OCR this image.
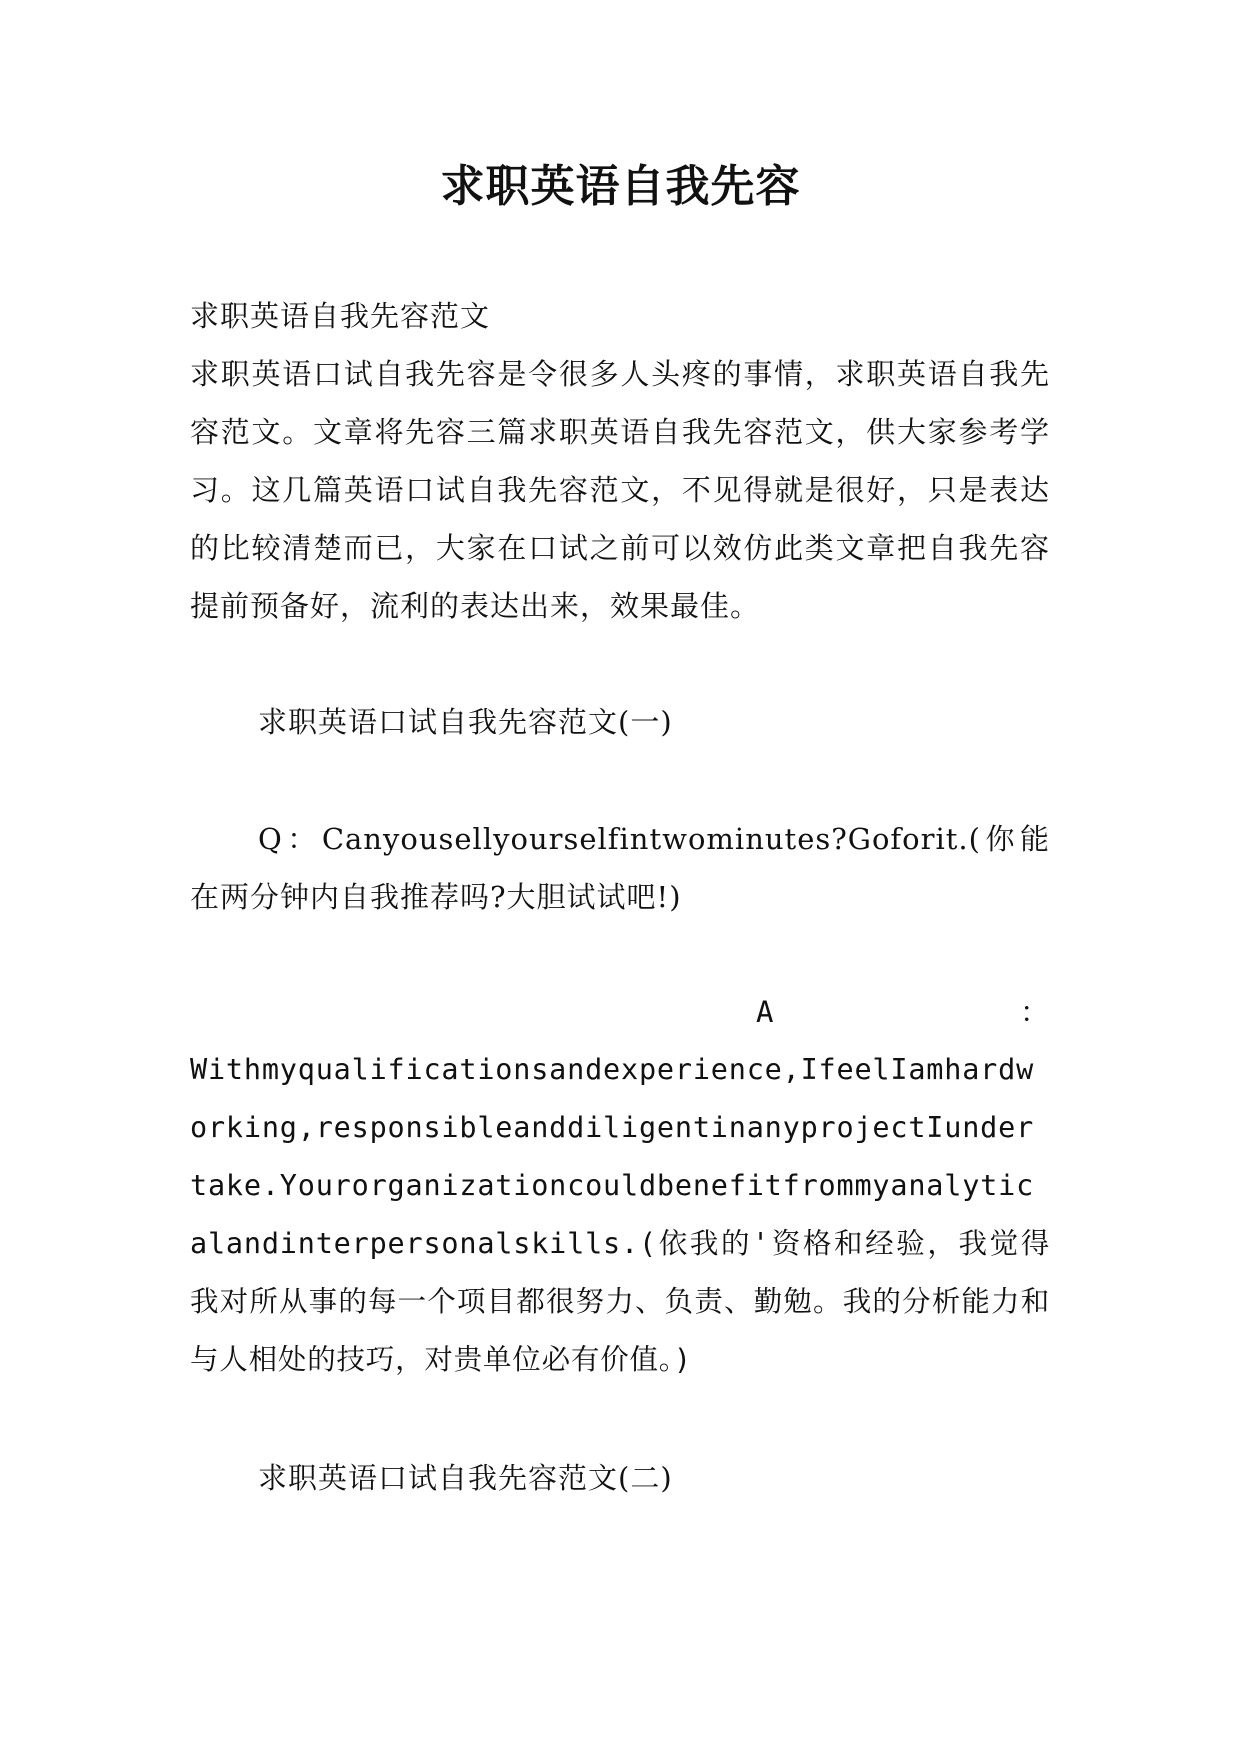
求职英语自我先容
求职英语自我先容范文
求职英语口试自我先容是令很多人头疼的事情，求职英语自我先容范文。文章将先容三篇求职英语自我先容范文，供大家参考学习。这几篇英语口试自我先容范文，不见得就是很好，只是表达的比较清楚而已，大家在口试之前可以效仿此类文章把自我先容提前预备好，流利的表达出来，效果最佳。
求职英语口试自我先容范文(一)
Q：Canyousellyourselfintwominutes?Goforit.(你能在两分钟内自我推荐吗?大胆试试吧!)
A	：
Withmyqualificationsandexperience,IfeelIamhardworking,responsibleanddiligentinanyprojectIundertake.Yourorganizationcouldbenefitfrommyanalyticalandinterpersonalskills.(依我的'资格和经验，我觉得我对所从事的每一个项目都很努力、负责、勤勉。我的分析能力和与人相处的技巧，对贵单位必有价值。)
求职英语口试自我先容范文(二)
